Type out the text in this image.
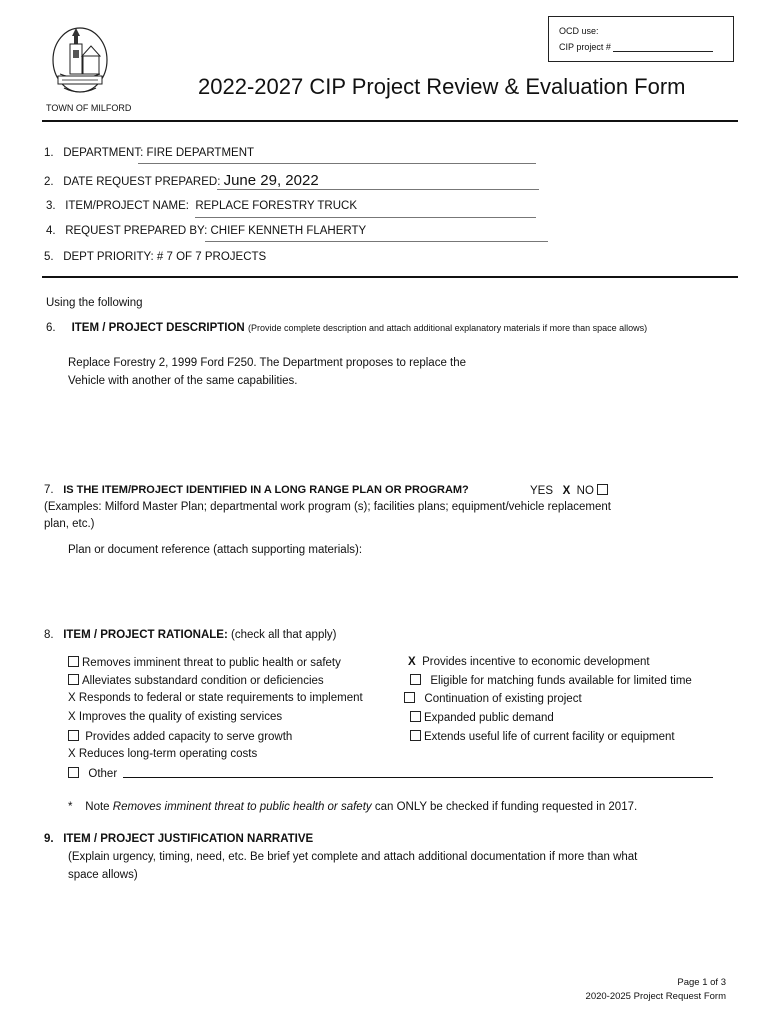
OCD use:
CIP project #
TOWN OF MILFORD
2022-2027 CIP Project Review & Evaluation Form
1. DEPARTMENT: FIRE DEPARTMENT
2. DATE REQUEST PREPARED: June 29, 2022
3. ITEM/PROJECT NAME: REPLACE FORESTRY TRUCK
4. REQUEST PREPARED BY: CHIEF KENNETH FLAHERTY
5. DEPT PRIORITY: # 7 OF 7 PROJECTS
Using the following
6. ITEM / PROJECT DESCRIPTION (Provide complete description and attach additional explanatory materials if more than space allows)
Replace Forestry 2, 1999 Ford F250. The Department proposes to replace the
Vehicle with another of the same capabilities.
7. IS THE ITEM/PROJECT IDENTIFIED IN A LONG RANGE PLAN OR PROGRAM?	YES X NO
(Examples: Milford Master Plan; departmental work program (s); facilities plans; equipment/vehicle replacement
plan, etc.)
Plan or document reference (attach supporting materials):
8. ITEM / PROJECT RATIONALE: (check all that apply)
Removes imminent threat to public health or safety
Alleviates substandard condition or deficiencies
X Responds to federal or state requirements to implement
X Improves the quality of existing services
Provides added capacity to serve growth
X Reduces long-term operating costs
Other
X Provides incentive to economic development
Eligible for matching funds available for limited time
Continuation of existing project
Expanded public demand
Extends useful life of current facility or equipment
* Note Removes imminent threat to public health or safety can ONLY be checked if funding requested in 2017.
9. ITEM / PROJECT JUSTIFICATION NARRATIVE
(Explain urgency, timing, need, etc. Be brief yet complete and attach additional documentation if more than what
space allows)
Page 1 of 3
2020-2025 Project Request Form
